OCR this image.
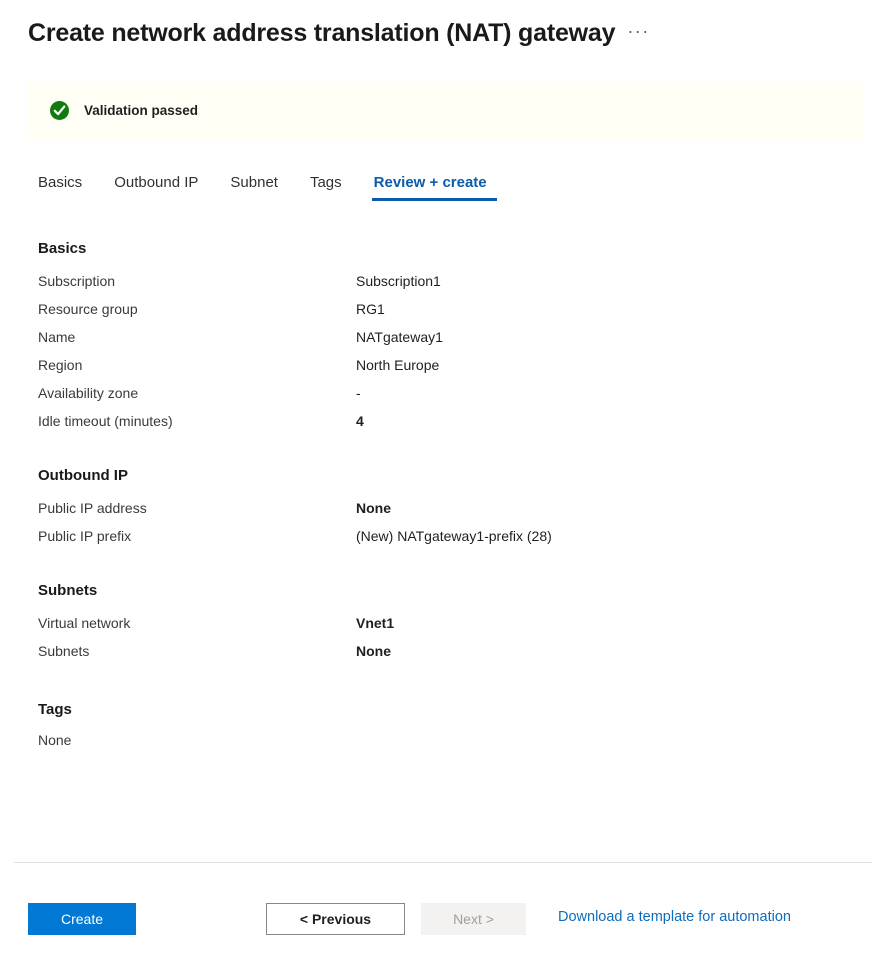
Create network address translation (NAT) gateway ···
Validation passed
Basics	Outbound IP	Subnet	Tags	Review + create
Basics
Subscription	Subscription1
Resource group	RG1
Name	NATgateway1
Region	North Europe
Availability zone	-
Idle timeout (minutes)	4
Outbound IP
Public IP address	None
Public IP prefix	(New) NATgateway1-prefix (28)
Subnets
Virtual network	Vnet1
Subnets	None
Tags
None
Create	< Previous	Next >	Download a template for automation
